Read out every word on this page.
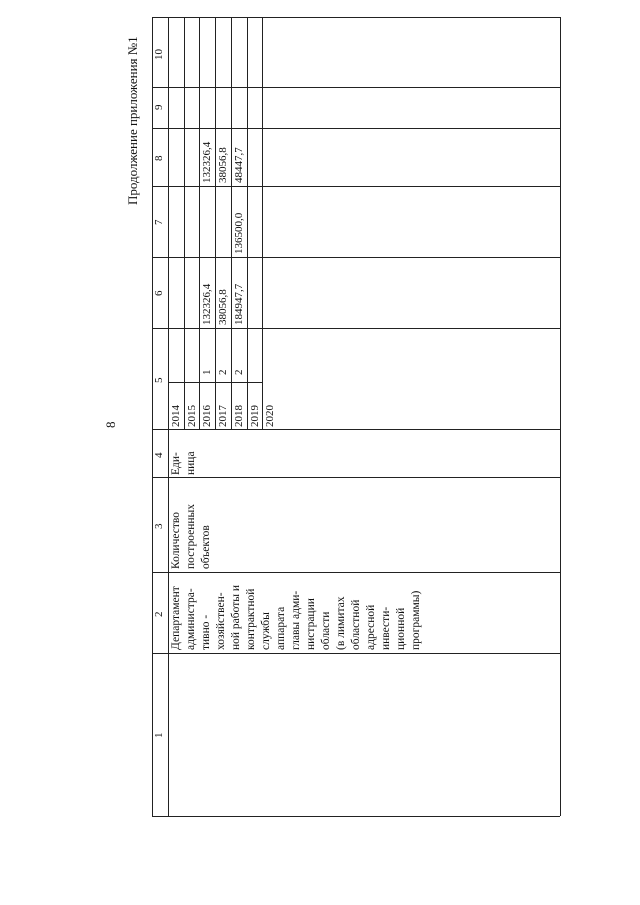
8
Продолжение приложения №1
1
2
3
4
5
6
7
8
9
10
Департамент администра- тивно - хозяйствен- ной работы и контрактной службы аппарата главы адми- нистрации области (в лимитах областной адресной инвести- ционной программы)
Количество построенных объектов
Еди- ница
2014 2015 2016
1
132326,4
132326,4
2017
2
38056,8
38056,8
2018
2
184947,7
136500,0
48447,7
2019 2020
